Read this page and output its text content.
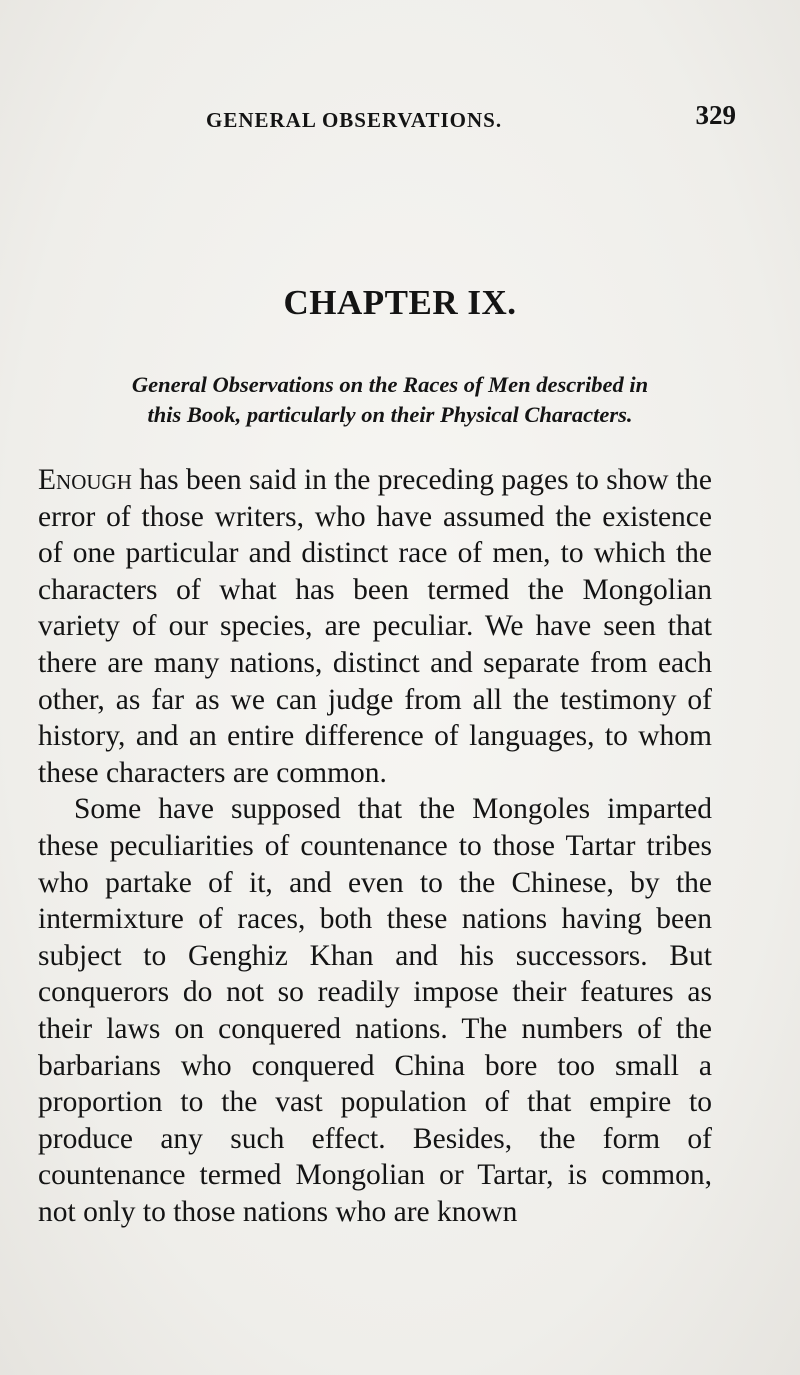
GENERAL OBSERVATIONS.	329
CHAPTER IX.
General Observations on the Races of Men described in
this Book, particularly on their Physical Characters.

Enough has been said in the preceding pages to show the error of those writers, who have assumed the existence of one particular and distinct race of men, to which the characters of what has been termed the Mongolian variety of our species, are peculiar. We have seen that there are many nations, distinct and separate from each other, as far as we can judge from all the testimony of history, and an entire difference of languages, to whom these characters are common.

Some have supposed that the Mongoles imparted these peculiarities of countenance to those Tartar tribes who partake of it, and even to the Chinese, by the intermixture of races, both these nations having been subject to Genghiz Khan and his successors. But conquerors do not so readily impose their features as their laws on conquered nations. The numbers of the barbarians who conquered China bore too small a proportion to the vast population of that empire to produce any such effect. Besides, the form of countenance termed Mongolian or Tartar, is common, not only to those nations who are known
